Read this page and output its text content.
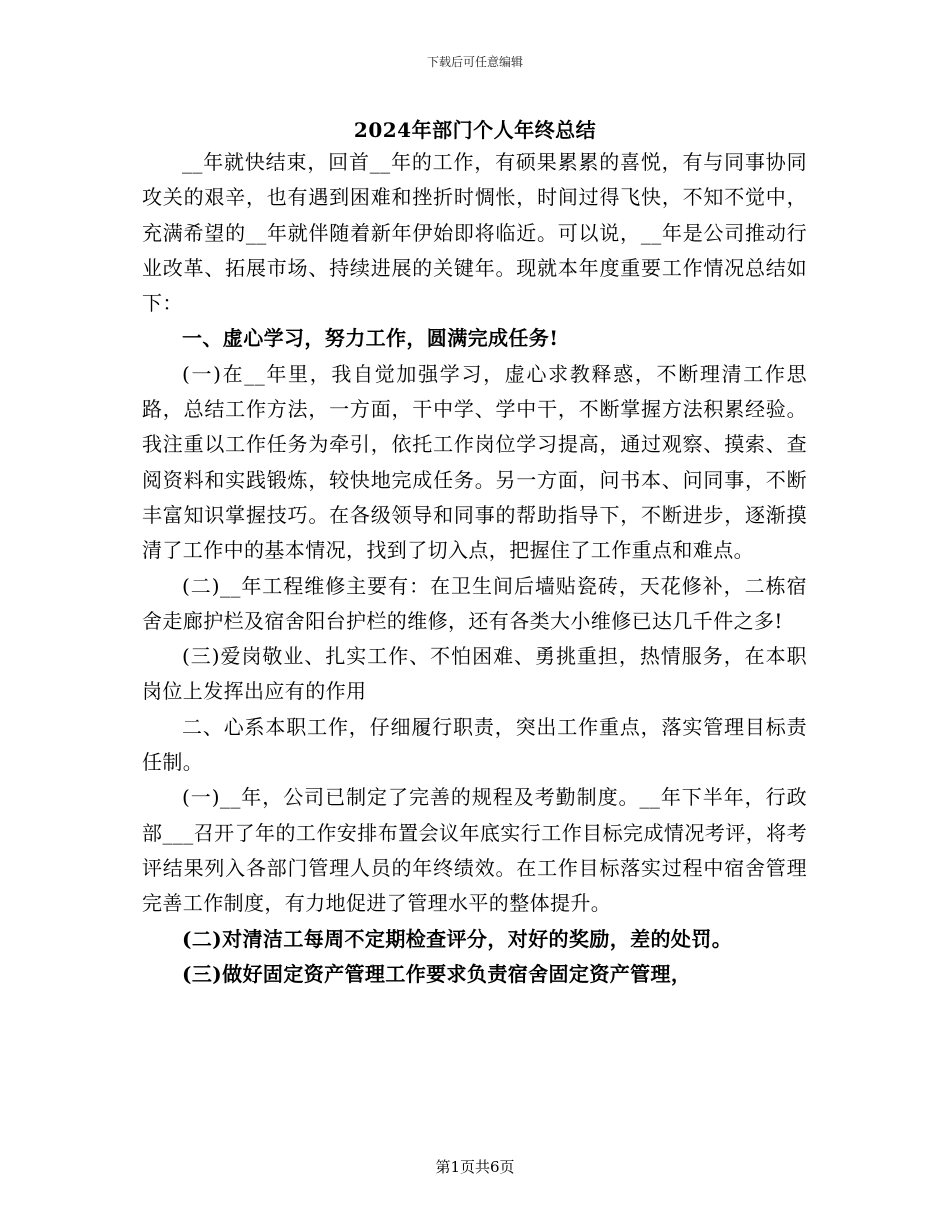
下载后可任意编辑
2024年部门个人年终总结

__年就快结束，回首__年的工作，有硕果累累的喜悦，有与同事协同攻关的艰辛，也有遇到困难和挫折时惆怅，时间过得飞快，不知不觉中，充满希望的__年就伴随着新年伊始即将临近。可以说，__年是公司推动行业改革、拓展市场、持续进展的关键年。现就本年度重要工作情况总结如下：

一、虚心学习，努力工作，圆满完成任务!

(一)在__年里，我自觉加强学习，虚心求教释惑，不断理清工作思路，总结工作方法，一方面，干中学、学中干，不断掌握方法积累经验。我注重以工作任务为牵引，依托工作岗位学习提高，通过观察、摸索、查阅资料和实践锻炼，较快地完成任务。另一方面，问书本、问同事，不断丰富知识掌握技巧。在各级领导和同事的帮助指导下，不断进步，逐渐摸清了工作中的基本情况，找到了切入点，把握住了工作重点和难点。

(二)__年工程维修主要有：在卫生间后墙贴瓷砖，天花修补，二栋宿舍走廊护栏及宿舍阳台护栏的维修，还有各类大小维修已达几千件之多!

(三)爱岗敬业、扎实工作、不怕困难、勇挑重担，热情服务，在本职岗位上发挥出应有的作用

二、心系本职工作，仔细履行职责，突出工作重点，落实管理目标责任制。

(一)__年，公司已制定了完善的规程及考勤制度。__年下半年，行政部___召开了年的工作安排布置会议年底实行工作目标完成情况考评，将考评结果列入各部门管理人员的年终绩效。在工作目标落实过程中宿舍管理完善工作制度，有力地促进了管理水平的整体提升。

(二)对清洁工每周不定期检查评分，对好的奖励，差的处罚。

(三)做好固定资产管理工作要求负责宿舍固定资产管理，

第1页共6页
